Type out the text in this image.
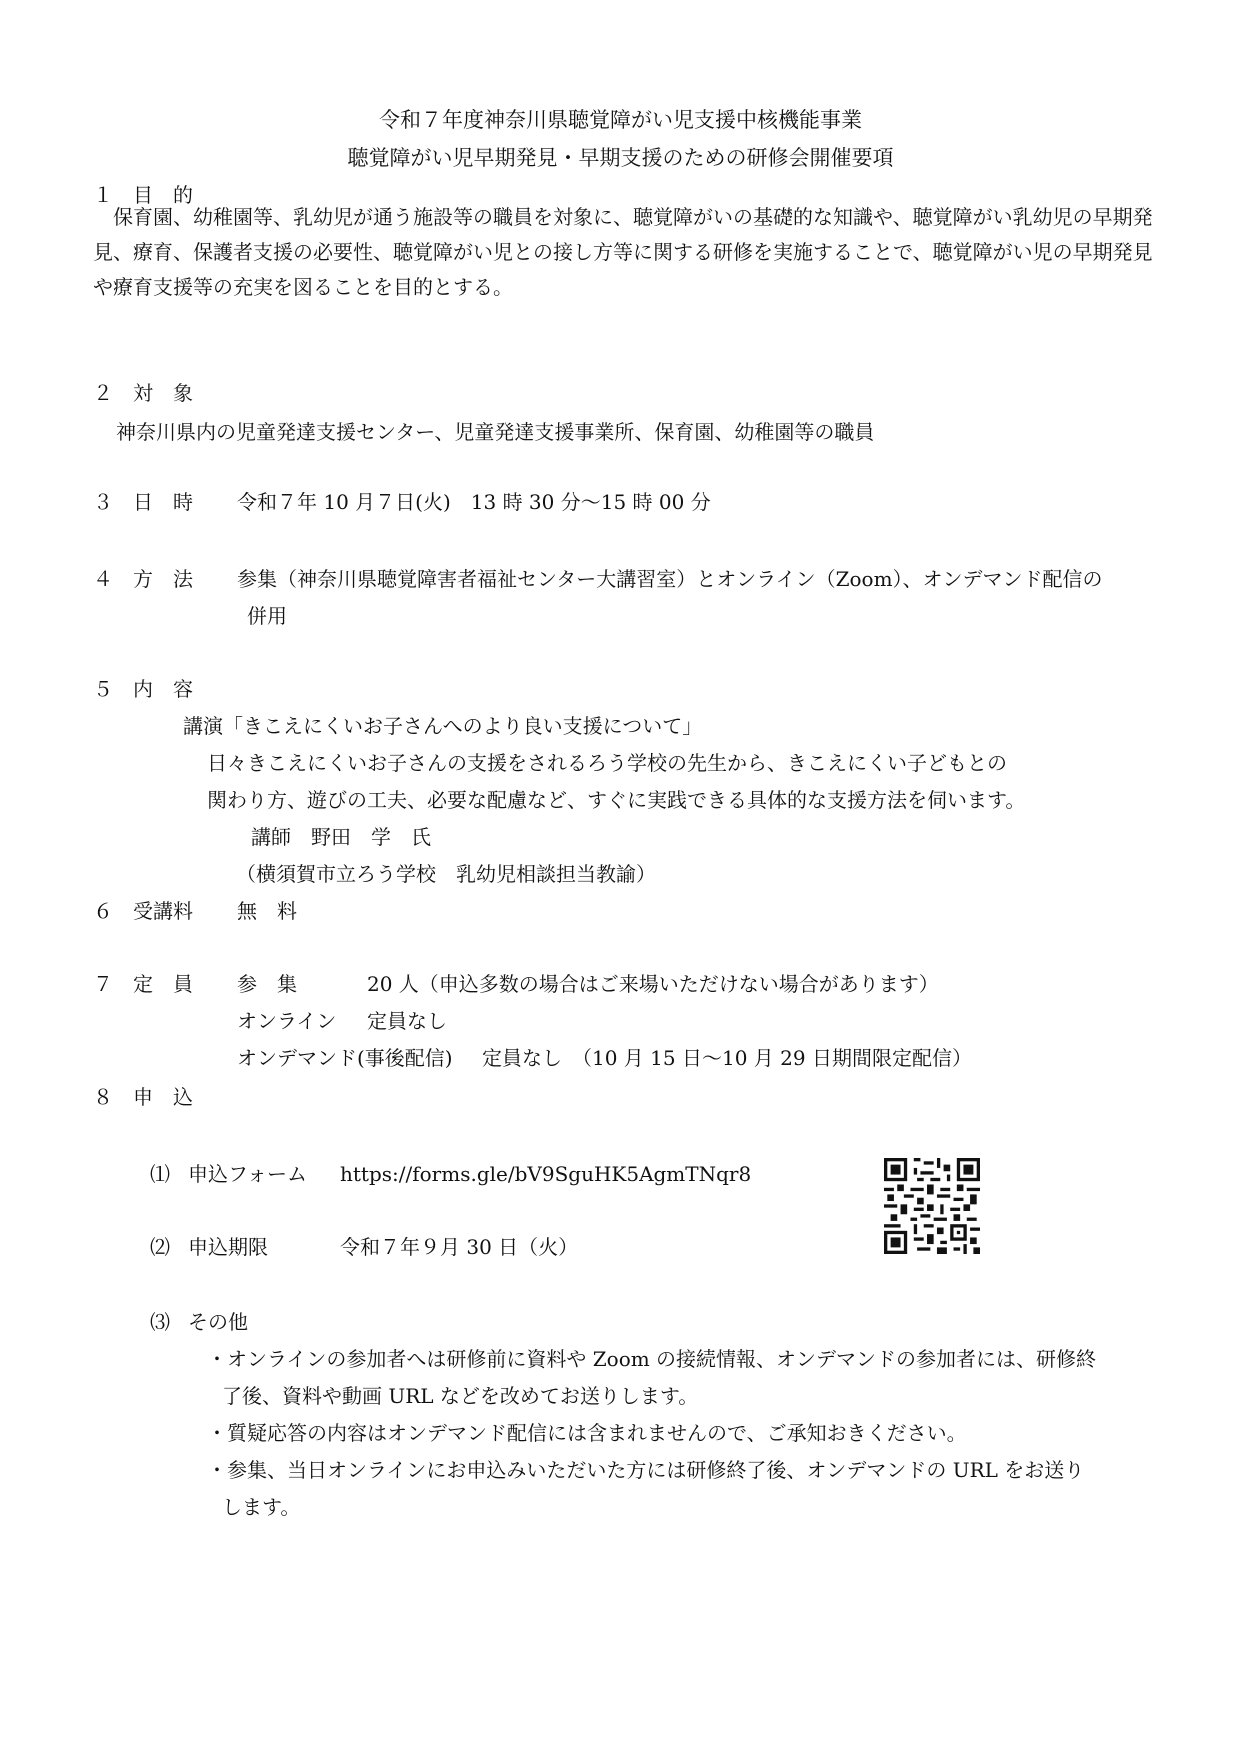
令和７年度神奈川県聴覚障がい児支援中核機能事業
聴覚障がい児早期発見・早期支援のための研修会開催要項
１　目　的
保育園、幼稚園等、乳幼児が通う施設等の職員を対象に、聴覚障がいの基礎的な知識や、聴覚障がい乳幼児の早期発見、療育、保護者支援の必要性、聴覚障がい児との接し方等に関する研修を実施することで、聴覚障がい児の早期発見や療育支援等の充実を図ることを目的とする。
２　対　象
神奈川県内の児童発達支援センター、児童発達支援事業所、保育園、幼稚園等の職員
３　日　時 令和７年 10 月７日(火)　13 時 30 分～15 時 00 分
４　方　法 参集（神奈川県聴覚障害者福祉センター大講習室）とオンライン（Zoom）、オンデマンド配信の
併用
５　内　容
講演「きこえにくいお子さんへのより良い支援について」
日々きこえにくいお子さんの支援をされるろう学校の先生から、きこえにくい子どもとの
関わり方、遊びの工夫、必要な配慮など、すぐに実践できる具体的な支援方法を伺います。
講師　野田　学　氏
（横須賀市立ろう学校　乳幼児相談担当教諭）
６　受講料 無　料
７　定　員 参　集	20 人（申込多数の場合はご来場いただけない場合があります）
オンライン 定員なし
オンデマンド(事後配信) 定員なし　（10 月 15 日～10 月 29 日期間限定配信）
８　申　込
⑴ 申込フォーム https://forms.gle/bV9SguHK5AgmTNqr8
⑵ 申込期限	令和７年９月 30 日（火）
⑶ その他
・オンラインの参加者へは研修前に資料や Zoom の接続情報、オンデマンドの参加者には、研修終
了後、資料や動画 URL などを改めてお送りします。
・質疑応答の内容はオンデマンド配信には含まれませんので、ご承知おきください。
・参集、当日オンラインにお申込みいただいた方には研修終了後、オンデマンドの URL をお送り
します。
